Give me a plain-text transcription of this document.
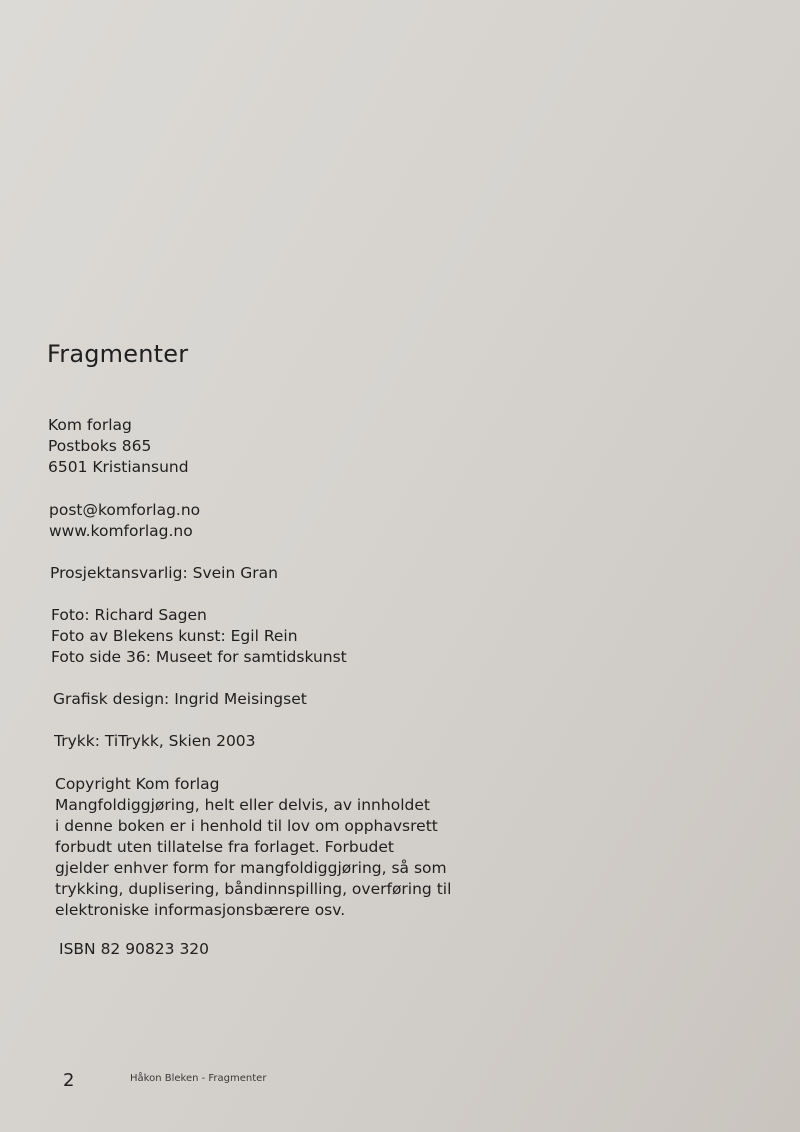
Fragmenter
Kom forlag
Postboks 865
6501 Kristiansund
post@komforlag.no
www.komforlag.no
Prosjektansvarlig: Svein Gran
Foto: Richard Sagen
Foto av Blekens kunst: Egil Rein
Foto side 36: Museet for samtidskunst
Grafisk design: Ingrid Meisingset
Trykk: TiTrykk, Skien 2003
Copyright Kom forlag
Mangfoldiggjøring, helt eller delvis, av innholdet
i denne boken er i henhold til lov om opphavsrett
forbudt uten tillatelse fra forlaget. Forbudet
gjelder enhver form for mangfoldiggjøring, så som
trykking, duplisering, båndinnspilling, overføring til
elektroniske informasjonsbærere osv.
ISBN 82 90823 320
2	Håkon Bleken - Fragmenter
